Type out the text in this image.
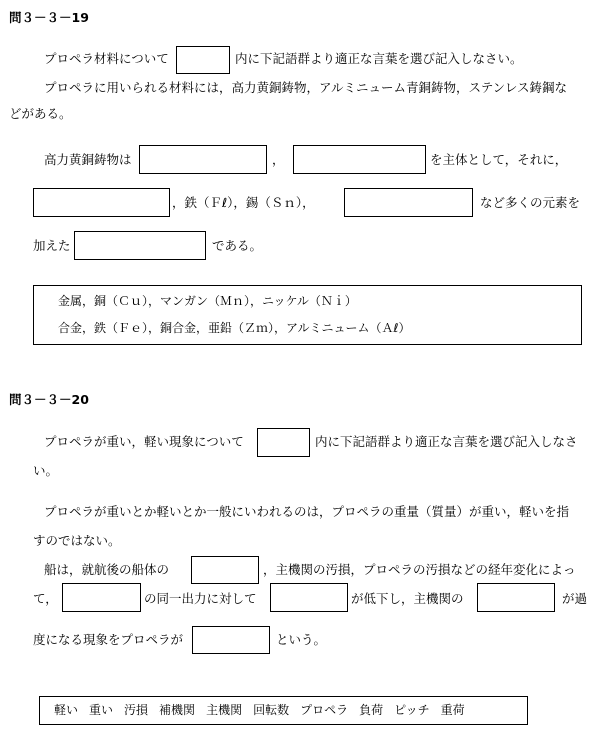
問３－３－19
プロペラ材料について	内に下記語群より適正な言葉を選び記入しなさい。
プロペラに用いられる材料には，高力黄銅鋳物，アルミニューム青銅鋳物，ステンレス鋳鋼な
どがある。
高力黄銅鋳物は	，	を主体として，それに，
，鉄（Ｆℓ），錫（Ｓｎ），	など多くの元素を
加えた	である。
金属，銅（Ｃｕ），マンガン（Ｍｎ），ニッケル（Ｎｉ）
合金，鉄（Ｆｅ），銅合金，亜鉛（Ｚｍ），アルミニューム（Ａℓ）
問３－３－20
プロペラが重い，軽い現象について	内に下記語群より適正な言葉を選び記入しなさ
い。
プロペラが重いとか軽いとか一般にいわれるのは，プロペラの重量（質量）が重い，軽いを指
すのではない。
船は，就航後の船体の	，主機関の汚損，プロペラの汚損などの経年変化によっ
て，	の同一出力に対して	が低下し，主機関の	が過
度になる現象をプロペラが	という。
軽い 重い 汚損 補機関 主機関 回転数 プロペラ 負荷 ピッチ 重荷
